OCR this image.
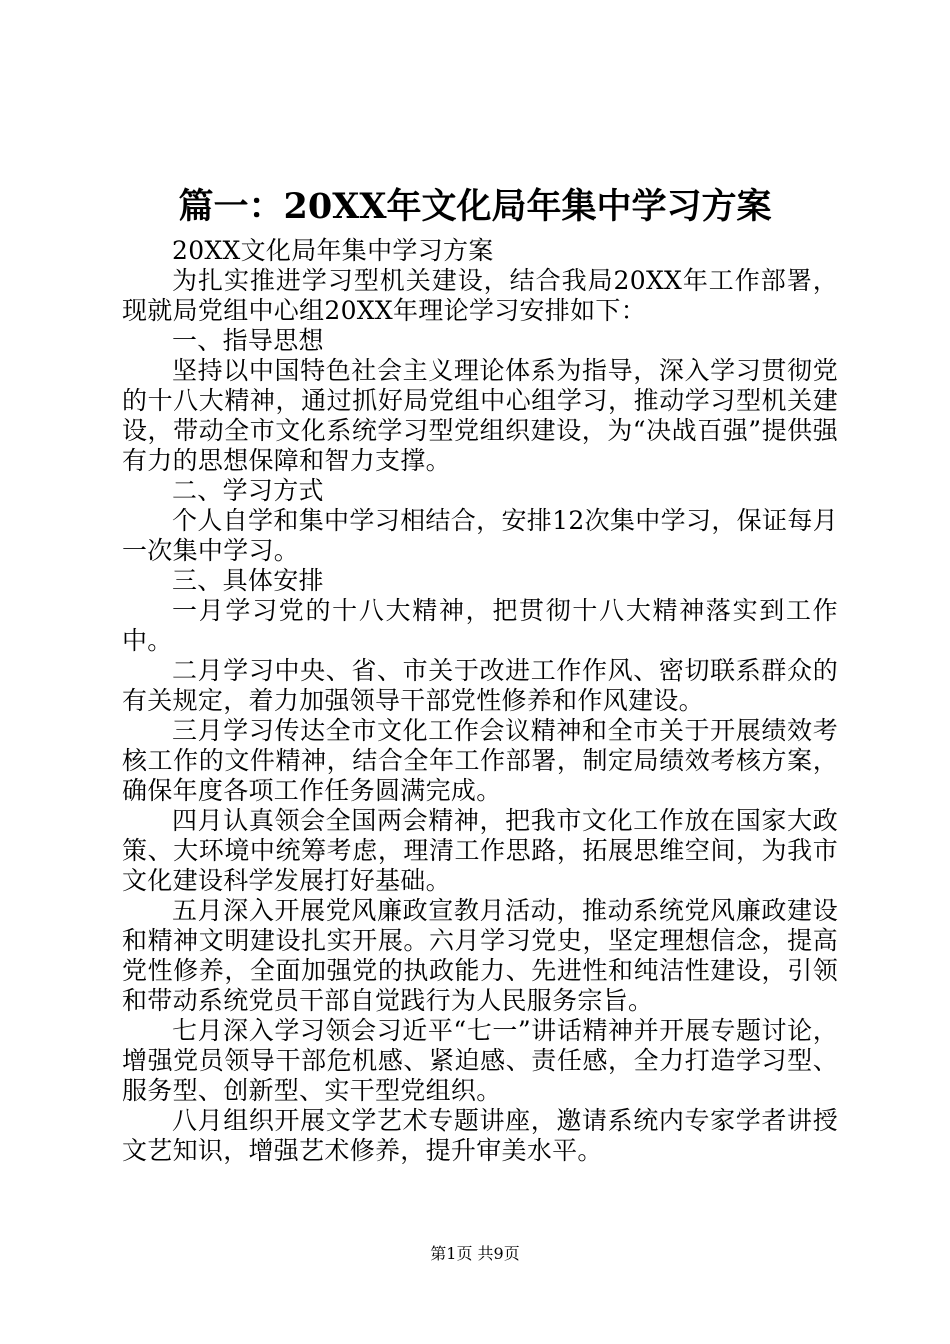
篇一：20XX年文化局年集中学习方案

20XX文化局年集中学习方案

为扎实推进学习型机关建设，结合我局20XX年工作部署，现就局党组中心组20XX年理论学习安排如下：

一、指导思想

坚持以中国特色社会主义理论体系为指导，深入学习贯彻党的十八大精神，通过抓好局党组中心组学习，推动学习型机关建设，带动全市文化系统学习型党组织建设，为“决战百强”提供强有力的思想保障和智力支撑。

二、学习方式

个人自学和集中学习相结合，安排12次集中学习，保证每月一次集中学习。

三、具体安排

一月学习党的十八大精神，把贯彻十八大精神落实到工作中。

二月学习中央、省、市关于改进工作作风、密切联系群众的有关规定，着力加强领导干部党性修养和作风建设。

三月学习传达全市文化工作会议精神和全市关于开展绩效考核工作的文件精神，结合全年工作部署，制定局绩效考核方案，确保年度各项工作任务圆满完成。

四月认真领会全国两会精神，把我市文化工作放在国家大政策、大环境中统筹考虑，理清工作思路，拓展思维空间，为我市文化建设科学发展打好基础。

五月深入开展党风廉政宣教月活动，推动系统党风廉政建设和精神文明建设扎实开展。六月学习党史，坚定理想信念，提高党性修养，全面加强党的执政能力、先进性和纯洁性建设，引领和带动系统党员干部自觉践行为人民服务宗旨。

七月深入学习领会习近平“七一”讲话精神并开展专题讨论，增强党员领导干部危机感、紧迫感、责任感，全力打造学习型、服务型、创新型、实干型党组织。

八月组织开展文学艺术专题讲座，邀请系统内专家学者讲授文艺知识，增强艺术修养，提升审美水平。

第1页 共9页
